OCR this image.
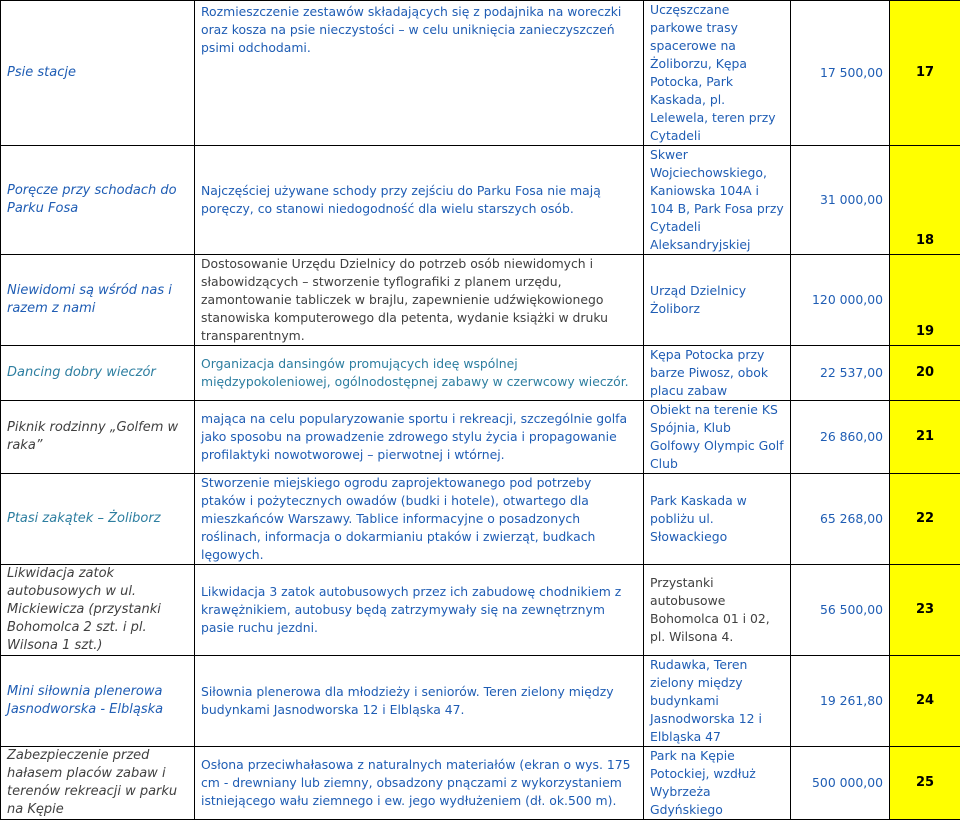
Psie stacje	Rozmieszczenie zestawów składających się z podajnika na woreczki oraz kosza na psie nieczystości – w celu uniknięcia zanieczyszczeń psimi odchodami.	Uczęszczane parkowe trasy spacerowe na Żoliborzu, Kępa Potocka, Park Kaskada, pl. Lelewela, teren przy Cytadeli	17 500,00	17
Poręcze przy schodach do Parku Fosa	Najczęściej używane schody przy zejściu do Parku Fosa nie mają poręczy, co stanowi niedogodność dla wielu starszych osób.	Skwer Wojciechowskiego, Kaniowska 104A i 104 B, Park Fosa przy Cytadeli Aleksandryjskiej	31 000,00	18
Niewidomi są wśród nas i razem z nami	Dostosowanie Urzędu Dzielnicy do potrzeb osób niewidomych i słabowidzących – stworzenie tyflografiki z planem urzędu, zamontowanie tabliczek w brajlu, zapewnienie udźwiękowionego stanowiska komputerowego dla petenta, wydanie książki w druku transparentnym.	Urząd Dzielnicy Żoliborz	120 000,00	19
Dancing dobry wieczór	Organizacja dansingów promujących ideę wspólnej międzypokoleniowej, ogólnodostępnej zabawy w czerwcowy wieczór.	Kępa Potocka przy barze Piwosz, obok placu zabaw	22 537,00	20
Piknik rodzinny „Golfem w raka”	mająca na celu popularyzowanie sportu i rekreacji, szczególnie golfa jako sposobu na prowadzenie zdrowego stylu życia i propagowanie profilaktyki nowotworowej – pierwotnej i wtórnej.	Obiekt na terenie KS Spójnia, Klub Golfowy Olympic Golf Club	26 860,00	21
Ptasi zakątek – Żoliborz	Stworzenie miejskiego ogrodu zaprojektowanego pod potrzeby ptaków i pożytecznych owadów (budki i hotele), otwartego dla mieszkańców Warszawy. Tablice informacyjne o posadzonych roślinach, informacja o dokarmianiu ptaków i zwierząt, budkach lęgowych.	Park Kaskada w pobliżu ul. Słowackiego	65 268,00	22
Likwidacja zatok autobusowych w ul. Mickiewicza (przystanki Bohomolca 2 szt. i pl. Wilsona 1 szt.)	Likwidacja 3 zatok autobusowych przez ich zabudowę chodnikiem z krawężnikiem, autobusy będą zatrzymywały się na zewnętrznym pasie ruchu jezdni.	Przystanki autobusowe Bohomolca 01 i 02, pl. Wilsona 4.	56 500,00	23
Mini siłownia plenerowa Jasnodworska - Elbląska	Siłownia plenerowa dla młodzieży i seniorów. Teren zielony między budynkami Jasnodworska 12 i Elbląska 47.	Rudawka, Teren zielony między budynkami Jasnodworska 12 i Elbląska 47	19 261,80	24
Zabezpieczenie przed hałasem placów zabaw i terenów rekreacji w parku na Kępie	Osłona przeciwhałasowa z naturalnych materiałów (ekran o wys. 175 cm - drewniany lub ziemny, obsadzony pnączami z wykorzystaniem istniejącego wału ziemnego i ew. jego wydłużeniem (dł. ok.500 m).	Park na Kępie Potockiej, wzdłuż Wybrzeża Gdyńskiego	500 000,00	25
